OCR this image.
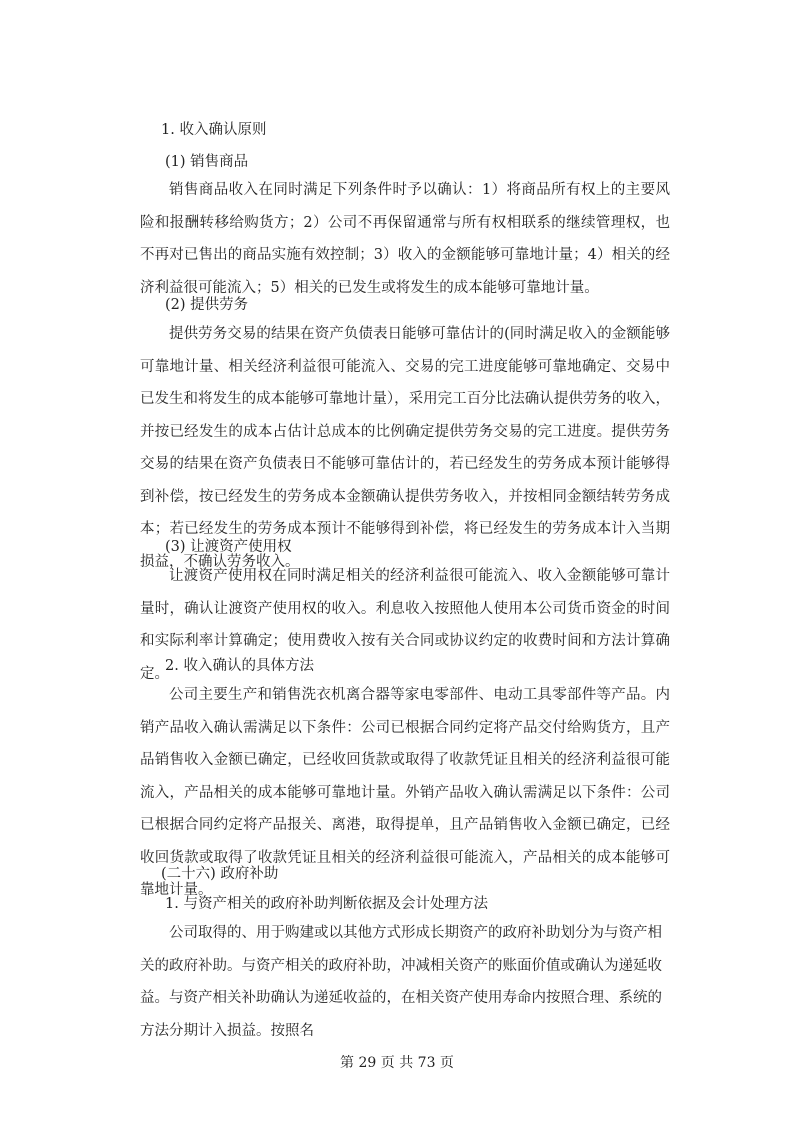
1. 收入确认原则
(1) 销售商品
销售商品收入在同时满足下列条件时予以确认：1）将商品所有权上的主要风险和报酬转移给购货方；2）公司不再保留通常与所有权相联系的继续管理权，也不再对已售出的商品实施有效控制；3）收入的金额能够可靠地计量；4）相关的经济利益很可能流入；5）相关的已发生或将发生的成本能够可靠地计量。
(2) 提供劳务
提供劳务交易的结果在资产负债表日能够可靠估计的(同时满足收入的金额能够可靠地计量、相关经济利益很可能流入、交易的完工进度能够可靠地确定、交易中已发生和将发生的成本能够可靠地计量），采用完工百分比法确认提供劳务的收入，并按已经发生的成本占估计总成本的比例确定提供劳务交易的完工进度。提供劳务交易的结果在资产负债表日不能够可靠估计的，若已经发生的劳务成本预计能够得到补偿，按已经发生的劳务成本金额确认提供劳务收入，并按相同金额结转劳务成本；若已经发生的劳务成本预计不能够得到补偿，将已经发生的劳务成本计入当期损益，不确认劳务收入。
(3) 让渡资产使用权
让渡资产使用权在同时满足相关的经济利益很可能流入、收入金额能够可靠计量时，确认让渡资产使用权的收入。利息收入按照他人使用本公司货币资金的时间和实际利率计算确定；使用费收入按有关合同或协议约定的收费时间和方法计算确定。
2. 收入确认的具体方法
公司主要生产和销售洗衣机离合器等家电零部件、电动工具零部件等产品。内销产品收入确认需满足以下条件：公司已根据合同约定将产品交付给购货方，且产品销售收入金额已确定，已经收回货款或取得了收款凭证且相关的经济利益很可能流入，产品相关的成本能够可靠地计量。外销产品收入确认需满足以下条件：公司已根据合同约定将产品报关、离港，取得提单，且产品销售收入金额已确定，已经收回货款或取得了收款凭证且相关的经济利益很可能流入，产品相关的成本能够可靠地计量。
(二十六) 政府补助
1. 与资产相关的政府补助判断依据及会计处理方法
公司取得的、用于购建或以其他方式形成长期资产的政府补助划分为与资产相关的政府补助。与资产相关的政府补助，冲减相关资产的账面价值或确认为递延收益。与资产相关补助确认为递延收益的，在相关资产使用寿命内按照合理、系统的方法分期计入损益。按照名
第 29 页 共 73 页
